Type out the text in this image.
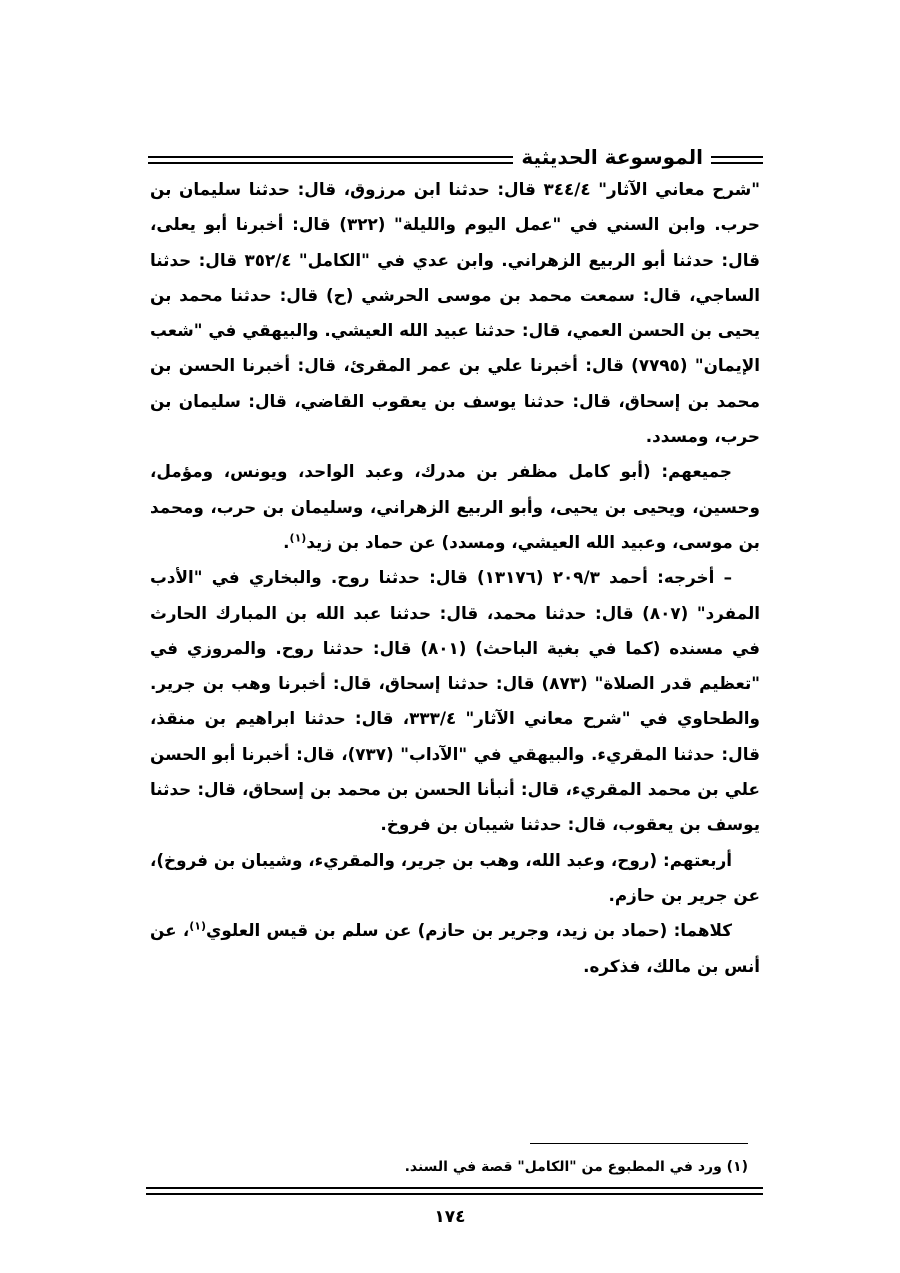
الموسوعة الحديثية

"شرح معاني الآثار" ٣٤٤/٤ قال: حدثنا ابن مرزوق، قال: حدثنا سليمان بن حرب. وابن السني في "عمل اليوم والليلة" (٣٢٢) قال: أخبرنا أبو يعلى، قال: حدثنا أبو الربيع الزهراني. وابن عدي في "الكامل" ٣٥٢/٤ قال: حدثنا الساجي، قال: سمعت محمد بن موسى الحرشي (ح) قال: حدثنا محمد بن يحيى بن الحسن العمي، قال: حدثنا عبيد الله العيشي. والبيهقي في "شعب الإيمان" (٧٧٩٥) قال: أخبرنا علي بن عمر المقرئ، قال: أخبرنا الحسن بن محمد بن إسحاق، قال: حدثنا يوسف بن يعقوب القاضي، قال: سليمان بن حرب، ومسدد.

جميعهم: (أبو كامل مظفر بن مدرك، وعبد الواحد، ويونس، ومؤمل، وحسين، ويحيى بن يحيى، وأبو الربيع الزهراني، وسليمان بن حرب، ومحمد بن موسى، وعبيد الله العيشي، ومسدد) عن حماد بن زيد$^{(١)}$.

– أخرجه: أحمد ٢٠٩/٣ (١٣١٧٦) قال: حدثنا روح. والبخاري في "الأدب المفرد" (٨٠٧) قال: حدثنا محمد، قال: حدثنا عبد الله بن المبارك الحارث في مسنده (كما في بغية الباحث) (٨٠١) قال: حدثنا روح. والمروزي في "تعظيم قدر الصلاة" (٨٧٣) قال: حدثنا إسحاق، قال: أخبرنا وهب بن جرير. والطحاوي في "شرح معاني الآثار" ٣٣٣/٤، قال: حدثنا ابراهيم بن منقذ، قال: حدثنا المقريء. والبيهقي في "الآداب" (٧٣٧)، قال: أخبرنا أبو الحسن علي بن محمد المقريء، قال: أنبأنا الحسن بن محمد بن إسحاق، قال: حدثنا يوسف بن يعقوب، قال: حدثنا شيبان بن فروخ.

أربعتهم: (روح، وعبد الله، وهب بن جرير، والمقريء، وشيبان بن فروخ)، عن جرير بن حازم.

كلاهما: (حماد بن زيد، وجرير بن حازم) عن سلم بن قيس العلوي$^{(١)}$، عن أنس بن مالك، فذكره.

(١) ورد في المطبوع من "الكامل" قصة في السند.
١٧٤
